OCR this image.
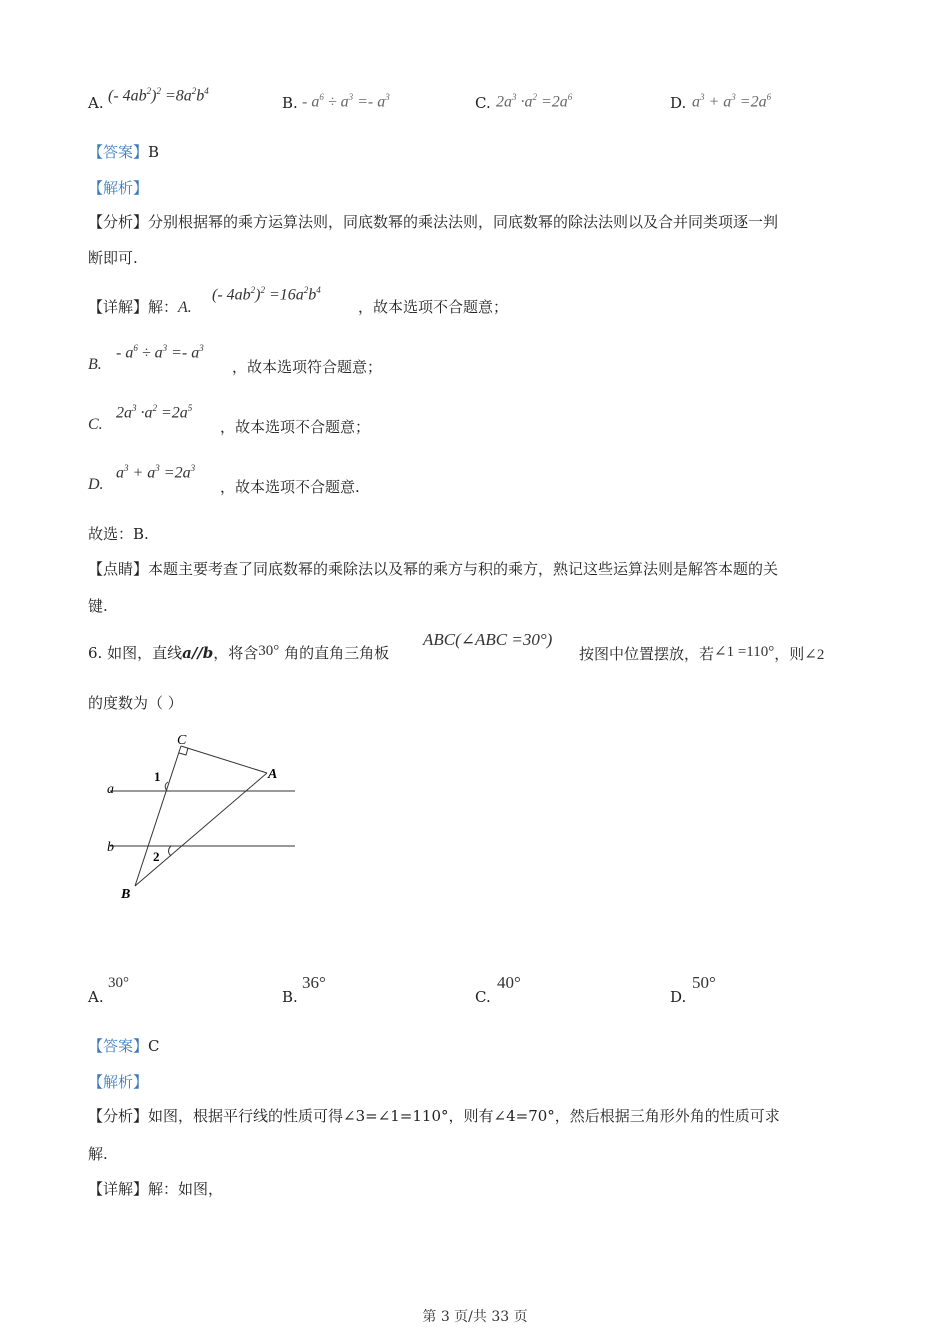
A. (- $4ab^2)^2 =8a^2b^4$
B. - $a^6 \div a^3 =- a^3$	C. $2a^3 \cdot a^2 =2a^6$	D. $a^3 + a^3 =2a^6$
【答案】B
【解析】
【分析】分别根据幂的乘方运算法则，同底数幂的乘法法则，同底数幂的除法法则以及合并同类项逐一判
断即可.
【详解】解：A.
(- $4ab^2)^2 =16a^2b^4$
，故本选项不合题意；
B.
- $a^6 \div a^3 =- a^3$
，故本选项符合题意；
C.
$2a^3 \cdot a^2 =2a^5$
，故本选项不合题意；
D.
$a^3 + a^3 =2a^3$
，故本选项不合题意.
故选：B.
【点睛】本题主要考查了同底数幂的乘除法以及幂的乘方与积的乘方，熟记这些运算法则是解答本题的关
键.
6. 如图，直线a//b，将含30° 角的直角三角板
ABC(∠ABC =30°)
按图中位置摆放，若∠1 =110°，则∠2
的度数为（ ）
C
A
B
a
b
1
2
A.
30°
B.
36°
C.
40°
D.
50°
【答案】C
【解析】
【分析】如图，根据平行线的性质可得∠3=∠1=110°，则有∠4=70°，然后根据三角形外角的性质可求
解.
【详解】解：如图，
第 3 页/共 33 页
